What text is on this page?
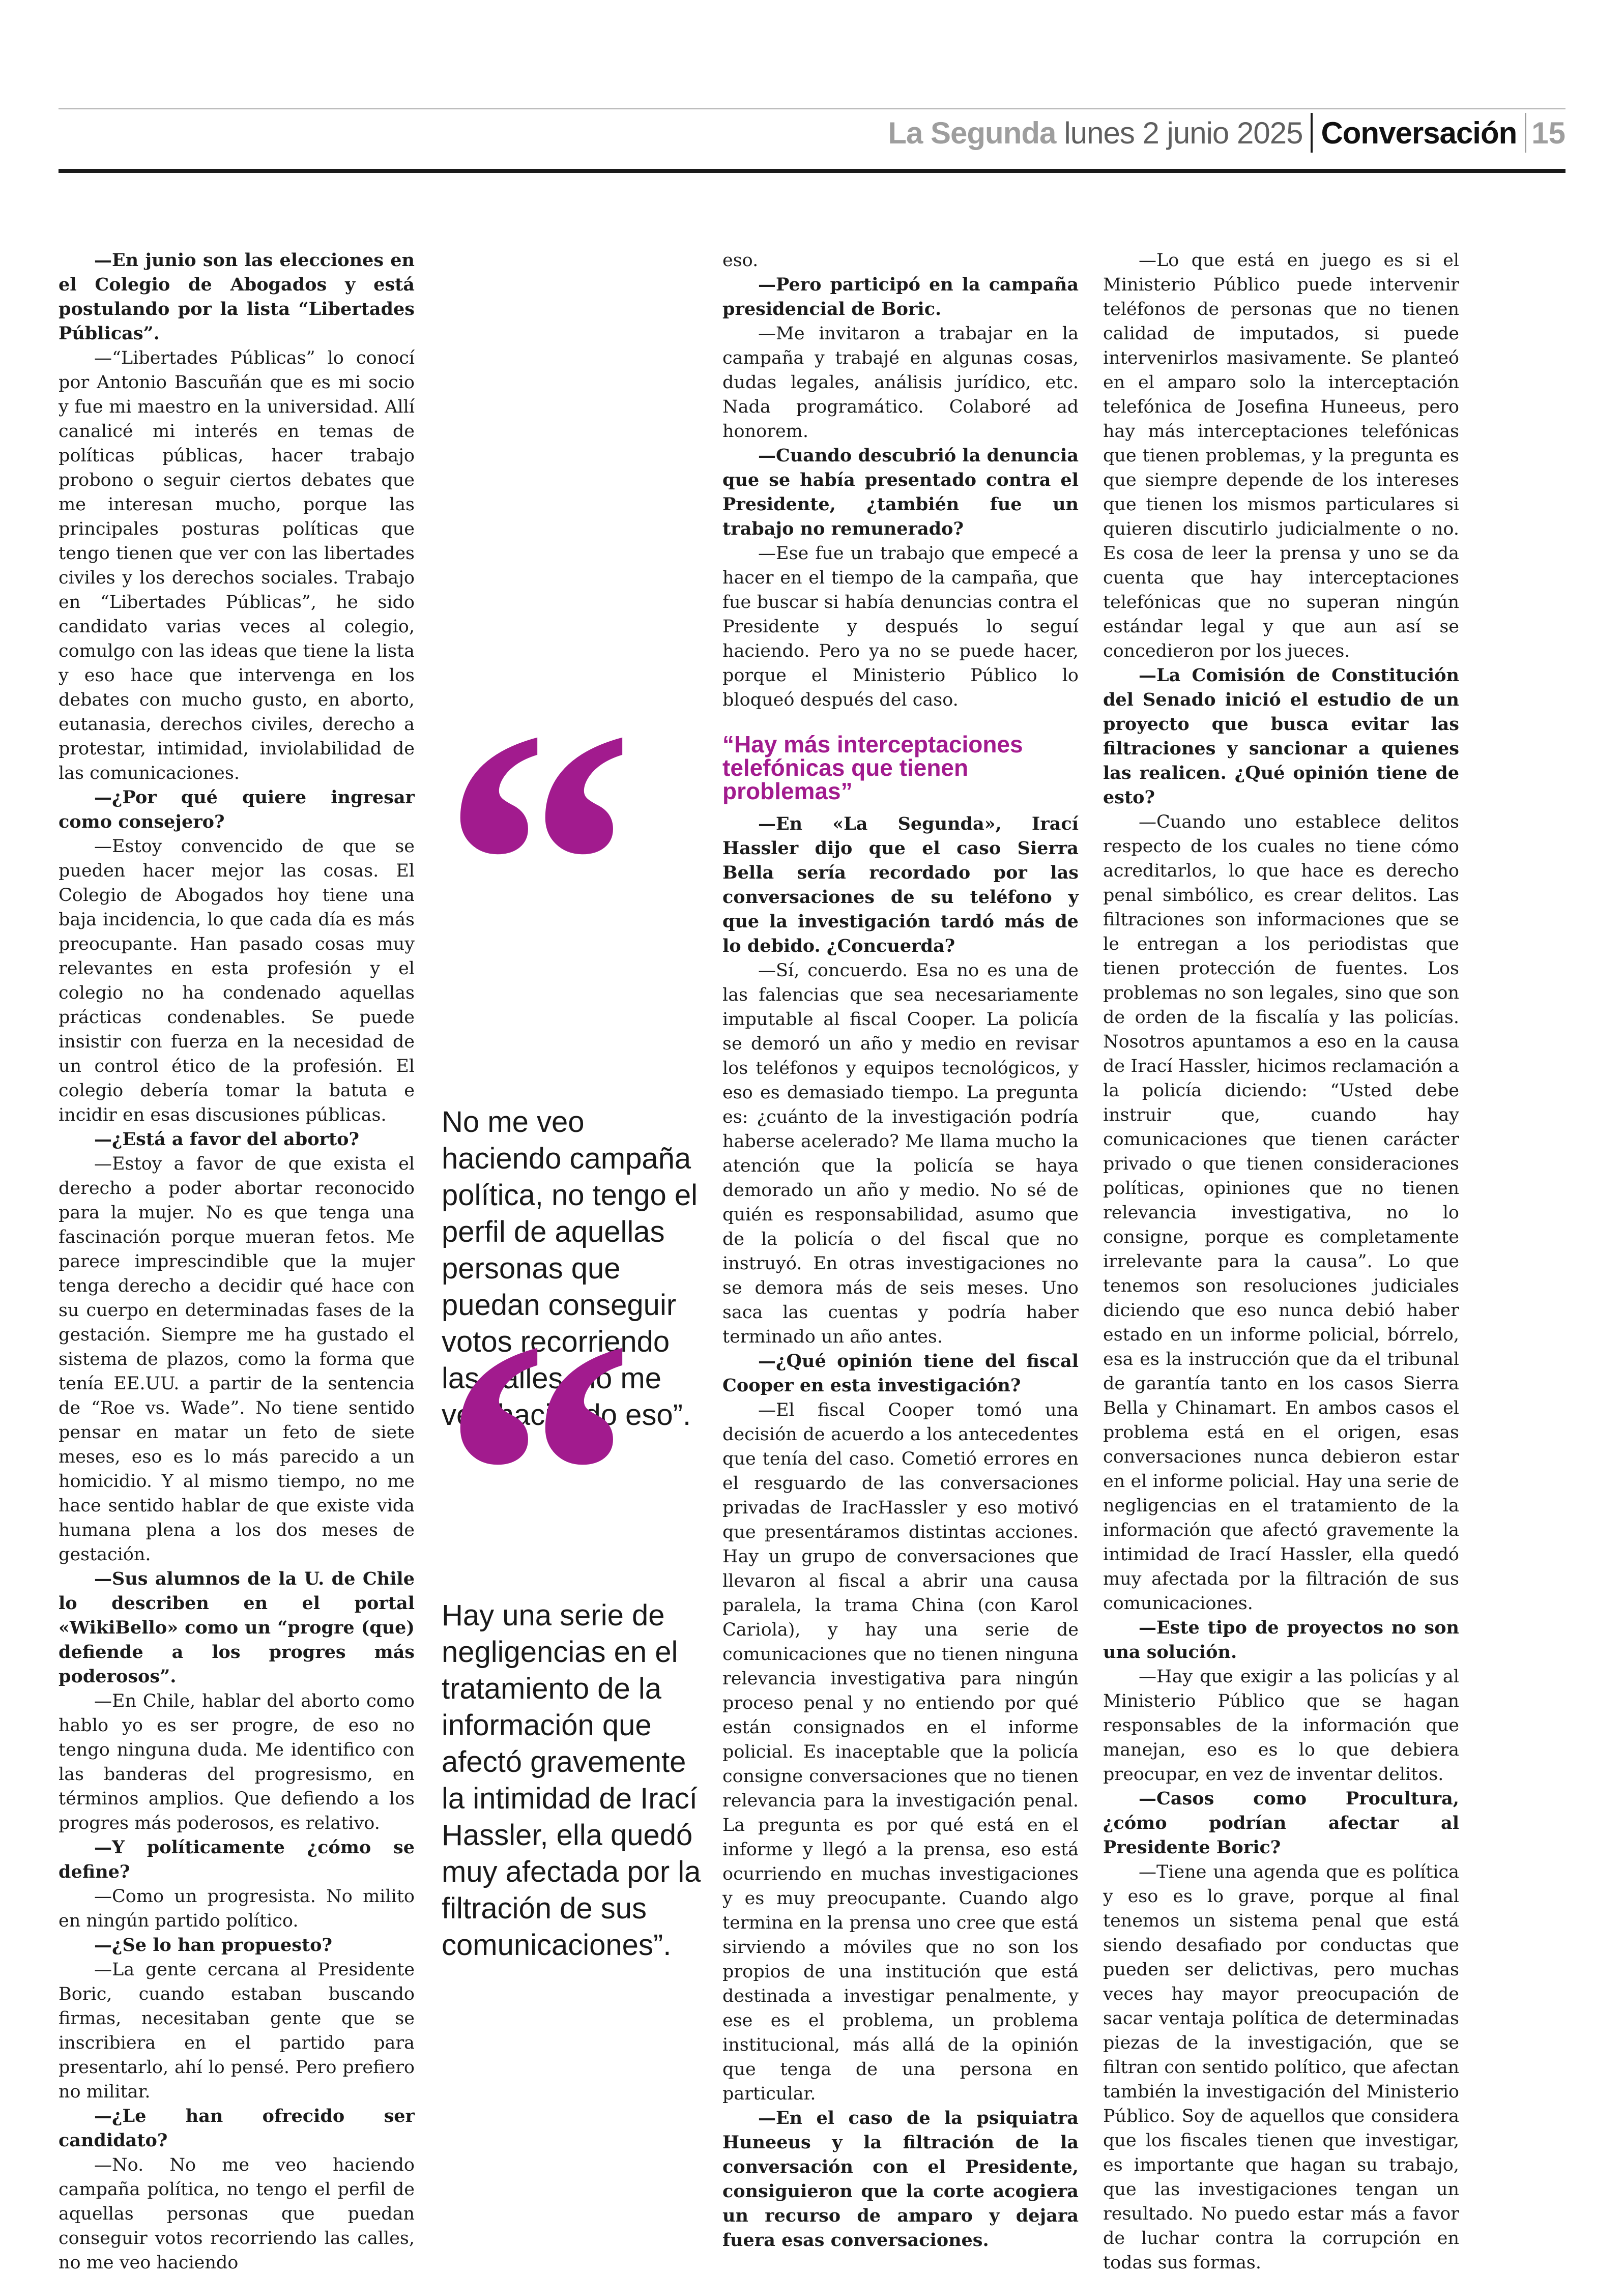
La Segunda lunes 2 junio 2025 Conversación 15

—En junio son las elecciones en el Colegio de Abogados y está postulando por la lista “Libertades Públicas”.

—“Libertades Públicas” lo conocí por Antonio Bascuñán que es mi socio y fue mi maestro en la universidad. Allí canalicé mi interés en temas de políticas públicas, hacer trabajo probono o seguir ciertos debates que me interesan mucho, porque las principales posturas políticas que tengo tienen que ver con las libertades civiles y los derechos sociales. Trabajo en “Libertades Públicas”, he sido candidato varias veces al colegio, comulgo con las ideas que tiene la lista y eso hace que intervenga en los debates con mucho gusto, en aborto, eutanasia, derechos civiles, derecho a protestar, intimidad, inviolabilidad de las comunicaciones.

—¿Por qué quiere ingresar como consejero?

—Estoy convencido de que se pueden hacer mejor las cosas. El Colegio de Abogados hoy tiene una baja incidencia, lo que cada día es más preocupante. Han pasado cosas muy relevantes en esta profesión y el colegio no ha condenado aquellas prácticas condenables. Se puede insistir con fuerza en la necesidad de un control ético de la profesión. El colegio debería tomar la batuta e incidir en esas discusiones públicas.

—¿Está a favor del aborto?

—Estoy a favor de que exista el derecho a poder abortar reconocido para la mujer. No es que tenga una fascinación porque mueran fetos. Me parece imprescindible que la mujer tenga derecho a decidir qué hace con su cuerpo en determinadas fases de la gestación. Siempre me ha gustado el sistema de plazos, como la forma que tenía EE.UU. a partir de la sentencia de “Roe vs. Wade”. No tiene sentido pensar en matar un feto de siete meses, eso es lo más parecido a un homicidio. Y al mismo tiempo, no me hace sentido hablar de que existe vida humana plena a los dos meses de gestación.

—Sus alumnos de la U. de Chile lo describen en el portal «WikiBello» como un “progre (que) defiende a los progres más poderosos”.

—En Chile, hablar del aborto como hablo yo es ser progre, de eso no tengo ninguna duda. Me identifico con las banderas del progresismo, en términos amplios. Que defiendo a los progres más poderosos, es relativo.

—Y políticamente ¿cómo se define?

—Como un progresista. No milito en ningún partido político.

—¿Se lo han propuesto?

—La gente cercana al Presidente Boric, cuando estaban buscando firmas, necesitaban gente que se inscribiera en el partido para presentarlo, ahí lo pensé. Pero prefiero no militar.

—¿Le han ofrecido ser candidato?

—No. No me veo haciendo campaña política, no tengo el perfil de aquellas personas que puedan conseguir votos recorriendo las calles, no me veo haciendo

No me veo haciendo campaña política, no tengo el perfil de aquellas personas que puedan conseguir votos recorriendo las calles, no me veo haciendo eso”.

Hay una serie de negligencias en el tratamiento de la información que afectó gravemente la intimidad de Irací Hassler, ella quedó muy afectada por la filtración de sus comunicaciones”.

eso.

—Pero participó en la campaña presidencial de Boric.

—Me invitaron a trabajar en la campaña y trabajé en algunas cosas, dudas legales, análisis jurídico, etc. Nada programático. Colaboré ad honorem.

—Cuando descubrió la denuncia que se había presentado contra el Presidente, ¿también fue un trabajo no remunerado?

—Ese fue un trabajo que empecé a hacer en el tiempo de la campaña, que fue buscar si había denuncias contra el Presidente y después lo seguí haciendo. Pero ya no se puede hacer, porque el Ministerio Público lo bloqueó después del caso.

“Hay más interceptaciones telefónicas que tienen problemas”

—En «La Segunda», Irací Hassler dijo que el caso Sierra Bella sería recordado por las conversaciones de su teléfono y que la investigación tardó más de lo debido. ¿Concuerda?

—Sí, concuerdo. Esa no es una de las falencias que sea necesariamente imputable al fiscal Cooper. La policía se demoró un año y medio en revisar los teléfonos y equipos tecnológicos, y eso es demasiado tiempo. La pregunta es: ¿cuánto de la investigación podría haberse acelerado? Me llama mucho la atención que la policía se haya demorado un año y medio. No sé de quién es responsabilidad, asumo que de la policía o del fiscal que no instruyó. En otras investigaciones no se demora más de seis meses. Uno saca las cuentas y podría haber terminado un año antes.

—¿Qué opinión tiene del fiscal Cooper en esta investigación?

—El fiscal Cooper tomó una decisión de acuerdo a los antecedentes que tenía del caso. Cometió errores en el resguardo de las conversaciones privadas de IracHassler y eso motivó que presentáramos distintas acciones. Hay un grupo de conversaciones que llevaron al fiscal a abrir una causa paralela, la trama China (con Karol Cariola), y hay una serie de comunicaciones que no tienen ninguna relevancia investigativa para ningún proceso penal y no entiendo por qué están consignados en el informe policial. Es inaceptable que la policía consigne conversaciones que no tienen relevancia para la investigación penal. La pregunta es por qué está en el informe y llegó a la prensa, eso está ocurriendo en muchas investigaciones y es muy preocupante. Cuando algo termina en la prensa uno cree que está sirviendo a móviles que no son los propios de una institución que está destinada a investigar penalmente, y ese es el problema, un problema institucional, más allá de la opinión que tenga de una persona en particular.

—En el caso de la psiquiatra Huneeus y la filtración de la conversación con el Presidente, consiguieron que la corte acogiera un recurso de amparo y dejara fuera esas conversaciones.

—Lo que está en juego es si el Ministerio Público puede intervenir teléfonos de personas que no tienen calidad de imputados, si puede intervenirlos masivamente. Se planteó en el amparo solo la interceptación telefónica de Josefina Huneeus, pero hay más interceptaciones telefónicas que tienen problemas, y la pregunta es que siempre depende de los intereses que tienen los mismos particulares si quieren discutirlo judicialmente o no. Es cosa de leer la prensa y uno se da cuenta que hay interceptaciones telefónicas que no superan ningún estándar legal y que aun así se concedieron por los jueces.

—La Comisión de Constitución del Senado inició el estudio de un proyecto que busca evitar las filtraciones y sancionar a quienes las realicen. ¿Qué opinión tiene de esto?

—Cuando uno establece delitos respecto de los cuales no tiene cómo acreditarlos, lo que hace es derecho penal simbólico, es crear delitos. Las filtraciones son informaciones que se le entregan a los periodistas que tienen protección de fuentes. Los problemas no son legales, sino que son de orden de la fiscalía y las policías. Nosotros apuntamos a eso en la causa de Irací Hassler, hicimos reclamación a la policía diciendo: “Usted debe instruir que, cuando hay comunicaciones que tienen carácter privado o que tienen consideraciones políticas, opiniones que no tienen relevancia investigativa, no lo consigne, porque es completamente irrelevante para la causa”. Lo que tenemos son resoluciones judiciales diciendo que eso nunca debió haber estado en un informe policial, bórrelo, esa es la instrucción que da el tribunal de garantía tanto en los casos Sierra Bella y Chinamart. En ambos casos el problema está en el origen, esas conversaciones nunca debieron estar en el informe policial. Hay una serie de negligencias en el tratamiento de la información que afectó gravemente la intimidad de Irací Hassler, ella quedó muy afectada por la filtración de sus comunicaciones.

—Este tipo de proyectos no son una solución.

—Hay que exigir a las policías y al Ministerio Público que se hagan responsables de la información que manejan, eso es lo que debiera preocupar, en vez de inventar delitos.

—Casos como Procultura, ¿cómo podrían afectar al Presidente Boric?

—Tiene una agenda que es política y eso es lo grave, porque al final tenemos un sistema penal que está siendo desafiado por conductas que pueden ser delictivas, pero muchas veces hay mayor preocupación de sacar ventaja política de determinadas piezas de la investigación, que se filtran con sentido político, que afectan también la investigación del Ministerio Público. Soy de aquellos que considera que los fiscales tienen que investigar, es importante que hagan su trabajo, que las investigaciones tengan un resultado. No puedo estar más a favor de luchar contra la corrupción en todas sus formas.
